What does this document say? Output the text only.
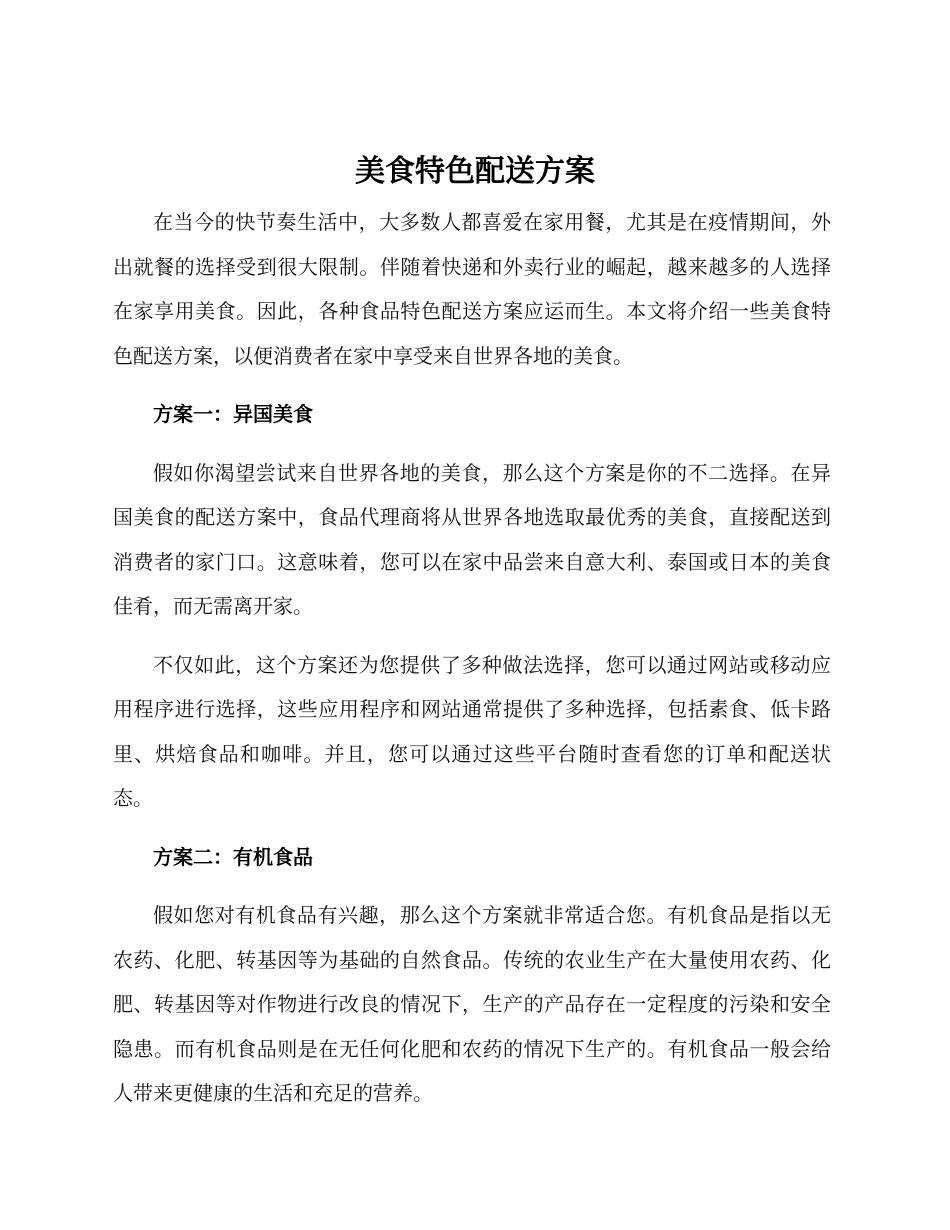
美食特色配送方案

在当今的快节奏生活中，大多数人都喜爱在家用餐，尤其是在疫情期间，外出就餐的选择受到很大限制。伴随着快递和外卖行业的崛起，越来越多的人选择在家享用美食。因此，各种食品特色配送方案应运而生。本文将介绍一些美食特色配送方案，以便消费者在家中享受来自世界各地的美食。

方案一：异国美食

假如你渴望尝试来自世界各地的美食，那么这个方案是你的不二选择。在异国美食的配送方案中，食品代理商将从世界各地选取最优秀的美食，直接配送到消费者的家门口。这意味着，您可以在家中品尝来自意大利、泰国或日本的美食佳肴，而无需离开家。

不仅如此，这个方案还为您提供了多种做法选择，您可以通过网站或移动应用程序进行选择，这些应用程序和网站通常提供了多种选择，包括素食、低卡路里、烘焙食品和咖啡。并且，您可以通过这些平台随时查看您的订单和配送状态。

方案二：有机食品

假如您对有机食品有兴趣，那么这个方案就非常适合您。有机食品是指以无农药、化肥、转基因等为基础的自然食品。传统的农业生产在大量使用农药、化肥、转基因等对作物进行改良的情况下，生产的产品存在一定程度的污染和安全隐患。而有机食品则是在无任何化肥和农药的情况下生产的。有机食品一般会给人带来更健康的生活和充足的营养。
